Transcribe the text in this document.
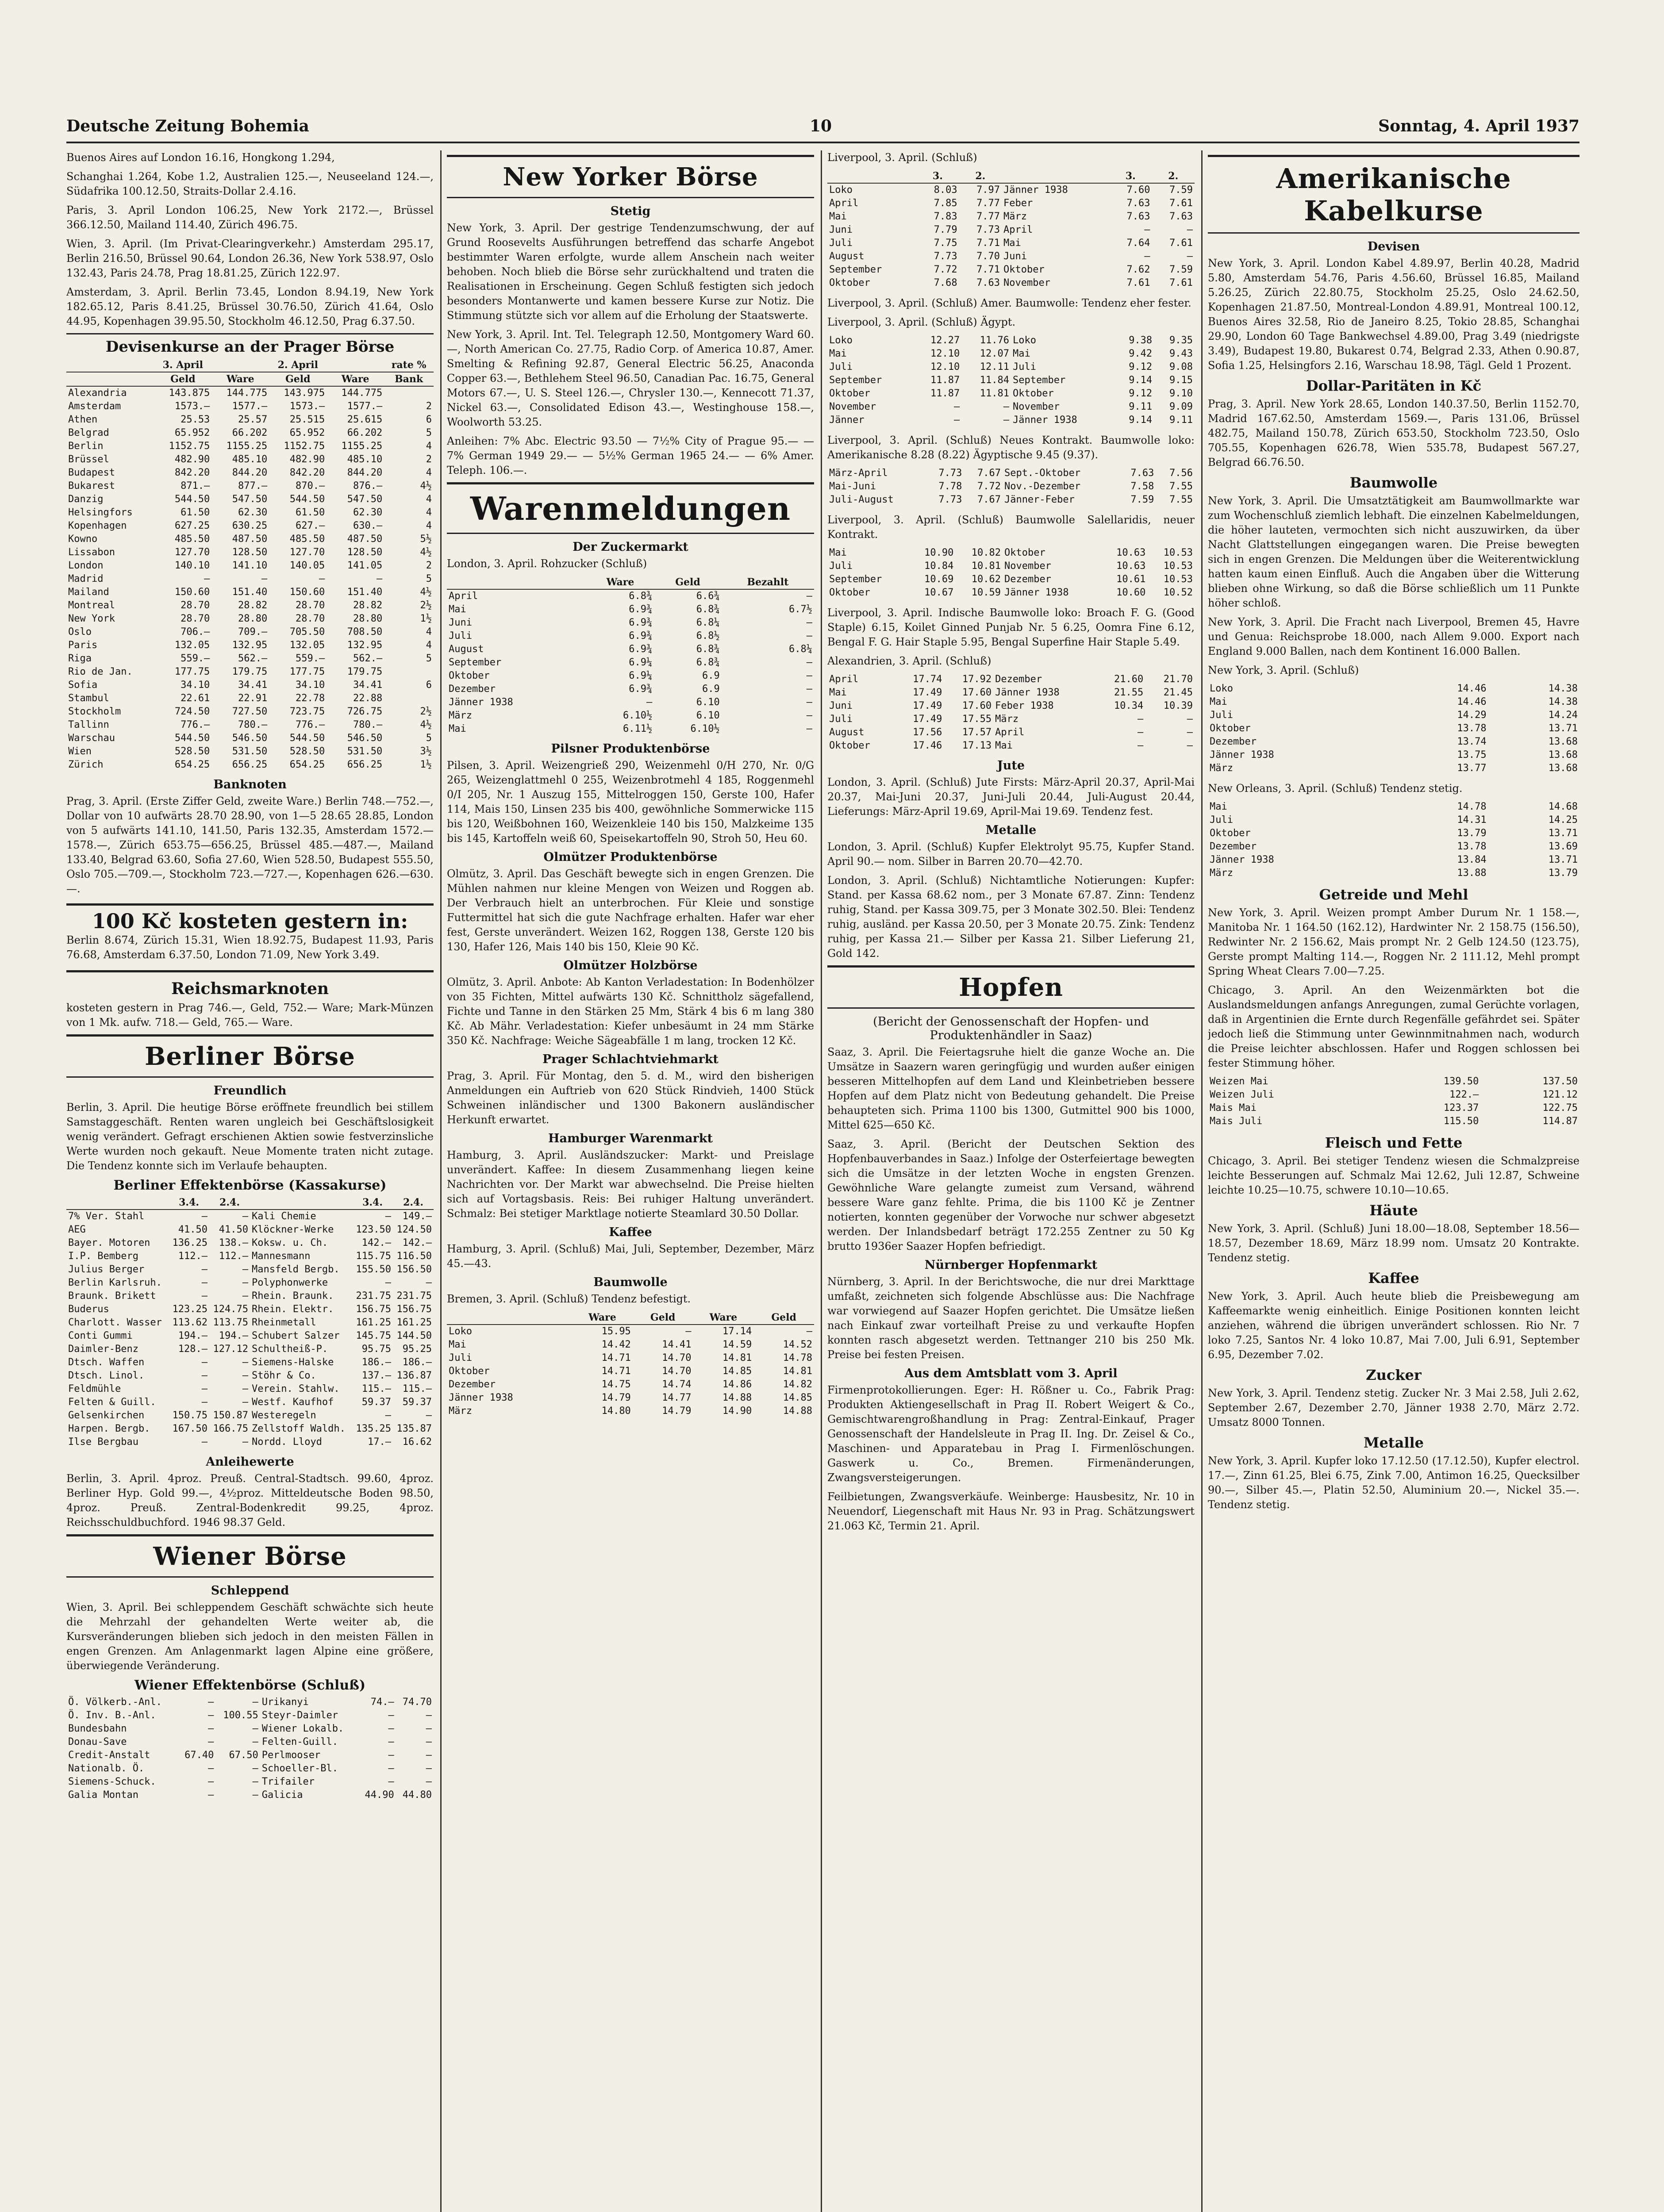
Deutsche Zeitung Bohemia	10	Sonntag, 4. April 1937

Buenos Aires auf London 16.16, Hongkong 1.294,

Schanghai 1.264, Kobe 1.2, Australien 125.—, Neuseeland 124.—, Südafrika 100.12.50, Straits-Dollar 2.4.16.

Paris, 3. April London 106.25, New York 2172.—, Brüssel 366.12.50, Mailand 114.40, Zürich 496.75.

Wien, 3. April. (Im Privat-Clearingverkehr.) Amsterdam 295.17, Berlin 216.50, Brüssel 90.64, London 26.36, New York 538.97, Oslo 132.43, Paris 24.78, Prag 18.81.25, Zürich 122.97.

Amsterdam, 3. April. Berlin 73.45, London 8.94.19, New York 182.65.12, Paris 8.41.25, Brüssel 30.76.50, Zürich 41.64, Oslo 44.95, Kopenhagen 39.95.50, Stockholm 46.12.50, Prag 6.37.50.

Devisenkurse an der Prager Börse
	3. April		2. April		rate %
	Geld	Ware	Geld	Ware	Bank
Alexandria	143.875	144.775	143.975	144.775	
Amsterdam	1573.—	1577.—	1573.—	1577.—	2
Athen	25.53	25.57	25.515	25.615	6
Belgrad	65.952	66.202	65.952	66.202	5
Berlin	1152.75	1155.25	1152.75	1155.25	4
Brüssel	482.90	485.10	482.90	485.10	2
Budapest	842.20	844.20	842.20	844.20	4
Bukarest	871.—	877.—	870.—	876.—	4½
Danzig	544.50	547.50	544.50	547.50	4
Helsingfors	61.50	62.30	61.50	62.30	4
Kopenhagen	627.25	630.25	627.—	630.—	4
Kowno	485.50	487.50	485.50	487.50	5½
Lissabon	127.70	128.50	127.70	128.50	4½
London	140.10	141.10	140.05	141.05	2
Madrid	—	—	—	—	5
Mailand	150.60	151.40	150.60	151.40	4½
Montreal	28.70	28.82	28.70	28.82	2½
New York	28.70	28.80	28.70	28.80	1½
Oslo	706.—	709.—	705.50	708.50	4
Paris	132.05	132.95	132.05	132.95	4
Riga	559.—	562.—	559.—	562.—	5
Rio de Jan.	177.75	179.75	177.75	179.75	
Sofia	34.10	34.41	34.10	34.41	6
Stambul	22.61	22.91	22.78	22.88	
Stockholm	724.50	727.50	723.75	726.75	2½
Tallinn	776.—	780.—	776.—	780.—	4½
Warschau	544.50	546.50	544.50	546.50	5
Wien	528.50	531.50	528.50	531.50	3½
Zürich	654.25	656.25	654.25	656.25	1½
Banknoten

Prag, 3. April. (Erste Ziffer Geld, zweite Ware.) Berlin 748.—752.—, Dollar von 10 aufwärts 28.70 28.90, von 1—5 28.65 28.85, London von 5 aufwärts 141.10, 141.50, Paris 132.35, Amsterdam 1572.—1578.—, Zürich 653.75—656.25, Brüssel 485.—487.—, Mailand 133.40, Belgrad 63.60, Sofia 27.60, Wien 528.50, Budapest 555.50, Oslo 705.—709.—, Stockholm 723.—727.—, Kopenhagen 626.—630.—.

100 Kč kosteten gestern in:

Berlin 8.674, Zürich 15.31, Wien 18.92.75, Budapest 11.93, Paris 76.68, Amsterdam 6.37.50, London 71.09, New York 3.49.

Reichsmarknoten

kosteten gestern in Prag 746.—, Geld, 752.— Ware; Mark-Münzen von 1 Mk. aufw. 718.— Geld, 765.— Ware.

Berliner Börse
Freundlich

Berlin, 3. April. Die heutige Börse eröffnete freundlich bei stillem Samstaggeschäft. Renten waren ungleich bei Geschäftslosigkeit wenig verändert. Gefragt erschienen Aktien sowie festverzinsliche Werte wurden noch gekauft. Neue Momente traten nicht zutage. Die Tendenz konnte sich im Verlaufe behaupten.

Berliner Effektenbörse (Kassakurse)
	3.4.	2.4.		3.4.	2.4.
7% Ver. Stahl	—	—	Kali Chemie	—	149.—
AEG	41.50	41.50	Klöckner-Werke	123.50	124.50
Bayer. Motoren	136.25	138.—	Koksw. u. Ch.	142.—	142.—
I.P. Bemberg	112.—	112.—	Mannesmann	115.75	116.50
Julius Berger	—	—	Mansfeld Bergb.	155.50	156.50
Berlin Karlsruh.	—	—	Polyphonwerke	—	—
Braunk. Brikett	—	—	Rhein. Braunk.	231.75	231.75
Buderus	123.25	124.75	Rhein. Elektr.	156.75	156.75
Charlott. Wasser	113.62	113.75	Rheinmetall	161.25	161.25
Conti Gummi	194.—	194.—	Schubert Salzer	145.75	144.50
Daimler-Benz	128.—	127.12	Schultheiß-P.	95.75	95.25
Dtsch. Waffen	—	—	Siemens-Halske	186.—	186.—
Dtsch. Linol.	—	—	Stöhr & Co.	137.—	136.87
Feldmühle	—	—	Verein. Stahlw.	115.—	115.—
Felten & Guill.	—	—	Westf. Kaufhof	59.37	59.37
Gelsenkirchen	150.75	150.87	Westeregeln	—	—
Harpen. Bergb.	167.50	166.75	Zellstoff Waldh.	135.25	135.87
Ilse Bergbau	—	—	Nordd. Lloyd	17.—	16.62
Anleihewerte

Berlin, 3. April. 4proz. Preuß. Central-Stadtsch. 99.60, 4proz. Berliner Hyp. Gold 99.—, 4½proz. Mitteldeutsche Boden 98.50, 4proz. Preuß. Zentral-Bodenkredit 99.25, 4proz. Reichsschuldbuchford. 1946 98.37 Geld.

Wiener Börse
Schleppend

Wien, 3. April. Bei schleppendem Geschäft schwächte sich heute die Mehrzahl der gehandelten Werte weiter ab, die Kursveränderungen blieben sich jedoch in den meisten Fällen in engen Grenzen. Am Anlagenmarkt lagen Alpine eine größere, überwiegende Veränderung.

Wiener Effektenbörse (Schluß)
Ö. Völkerb.-Anl.	—	—	Urikanyi	74.—	74.70
Ö. Inv. B.-Anl.	—	100.55	Steyr-Daimler	—	—
Bundesbahn	—	—	Wiener Lokalb.	—	—
Donau-Save	—	—	Felten-Guill.	—	—
Credit-Anstalt	67.40	67.50	Perlmooser	—	—
Nationalb. Ö.	—	—	Schoeller-Bl.	—	—
Siemens-Schuck.	—	—	Trifailer	—	—
Galia Montan	—	—	Galicia	44.90	44.80
New Yorker Börse
Stetig

New York, 3. April. Der gestrige Tendenzumschwung, der auf Grund Roosevelts Ausführungen betreffend das scharfe Angebot bestimmter Waren erfolgte, wurde allem Anschein nach weiter behoben. Noch blieb die Börse sehr zurückhaltend und traten die Realisationen in Erscheinung. Gegen Schluß festigten sich jedoch besonders Montanwerte und kamen bessere Kurse zur Notiz. Die Stimmung stützte sich vor allem auf die Erholung der Staatswerte.

New York, 3. April. Int. Tel. Telegraph 12.50, Montgomery Ward 60.—, North American Co. 27.75, Radio Corp. of America 10.87, Amer. Smelting & Refining 92.87, General Electric 56.25, Anaconda Copper 63.—, Bethlehem Steel 96.50, Canadian Pac. 16.75, General Motors 67.—, U. S. Steel 126.—, Chrysler 130.—, Kennecott 71.37, Nickel 63.—, Consolidated Edison 43.—, Westinghouse 158.—, Woolworth 53.25.

Anleihen: 7% Abc. Electric 93.50 — 7½% City of Prague 95.— — 7% German 1949 29.— — 5½% German 1965 24.— — 6% Amer. Teleph. 106.—.

Warenmeldungen
Der Zuckermarkt

London, 3. April. Rohzucker (Schluß)

	Ware	Geld	Bezahlt
April	6.8¾	6.6¾	—
Mai	6.9¾	6.8¾	6.7½
Juni	6.9¾	6.8¼	—
Juli	6.9¾	6.8½	—
August	6.9¾	6.8¾	6.8¼
September	6.9¼	6.8¾	—
Oktober	6.9¼	6.9	—
Dezember	6.9¾	6.9	—
Jänner 1938	—	6.10	—
März	6.10½	6.10	—
Mai	6.11½	6.10½	—
Pilsner Produktenbörse

Pilsen, 3. April. Weizengrieß 290, Weizenmehl 0/H 270, Nr. 0/G 265, Weizenglattmehl 0 255, Weizenbrotmehl 4 185, Roggenmehl 0/I 205, Nr. 1 Auszug 155, Mittelroggen 150, Gerste 100, Hafer 114, Mais 150, Linsen 235 bis 400, gewöhnliche Sommerwicke 115 bis 120, Weißbohnen 160, Weizenkleie 140 bis 150, Malzkeime 135 bis 145, Kartoffeln weiß 60, Speisekartoffeln 90, Stroh 50, Heu 60.

Olmützer Produktenbörse

Olmütz, 3. April. Das Geschäft bewegte sich in engen Grenzen. Die Mühlen nahmen nur kleine Mengen von Weizen und Roggen ab. Der Verbrauch hielt an unterbrochen. Für Kleie und sonstige Futtermittel hat sich die gute Nachfrage erhalten. Hafer war eher fest, Gerste unverändert. Weizen 162, Roggen 138, Gerste 120 bis 130, Hafer 126, Mais 140 bis 150, Kleie 90 Kč.

Olmützer Holzbörse

Olmütz, 3. April. Anbote: Ab Kanton Verladestation: In Bodenhölzer von 35 Fichten, Mittel aufwärts 130 Kč. Schnittholz sägefallend, Fichte und Tanne in den Stärken 25 Mm, Stärk 4 bis 6 m lang 380 Kč. Ab Mähr. Verladestation: Kiefer unbesäumt in 24 mm Stärke 350 Kč. Nachfrage: Weiche Sägeabfälle 1 m lang, trocken 12 Kč.

Prager Schlachtviehmarkt

Prag, 3. April. Für Montag, den 5. d. M., wird den bisherigen Anmeldungen ein Auftrieb von 620 Stück Rindvieh, 1400 Stück Schweinen inländischer und 1300 Bakonern ausländischer Herkunft erwartet.

Hamburger Warenmarkt

Hamburg, 3. April. Ausländszucker: Markt- und Preislage unverändert. Kaffee: In diesem Zusammenhang liegen keine Nachrichten vor. Der Markt war abwechselnd. Die Preise hielten sich auf Vortagsbasis. Reis: Bei ruhiger Haltung unverändert. Schmalz: Bei stetiger Marktlage notierte Steamlard 30.50 Dollar.

Kaffee

Hamburg, 3. April. (Schluß) Mai, Juli, September, Dezember, März 45.—43.

Baumwolle

Bremen, 3. April. (Schluß) Tendenz befestigt.

	Ware	Geld	Ware	Geld
Loko	15.95	—	17.14	—
Mai	14.42	14.41	14.59	14.52
Juli	14.71	14.70	14.81	14.78
Oktober	14.71	14.70	14.85	14.81
Dezember	14.75	14.74	14.86	14.82
Jänner 1938	14.79	14.77	14.88	14.85
März	14.80	14.79	14.90	14.88

Liverpool, 3. April. (Schluß)

	3.	2.		3.	2.
Loko	8.03	7.97	Jänner 1938	7.60	7.59
April	7.85	7.77	Feber	7.63	7.61
Mai	7.83	7.77	März	7.63	7.63
Juni	7.79	7.73	April	—	—
Juli	7.75	7.71	Mai	7.64	7.61
August	7.73	7.70	Juni	—	—
September	7.72	7.71	Oktober	7.62	7.59
Oktober	7.68	7.63	November	7.61	7.61

Liverpool, 3. April. (Schluß) Amer. Baumwolle: Tendenz eher fester.

Liverpool, 3. April. (Schluß) Ägypt.

Loko	12.27	11.76	Loko	9.38	9.35
Mai	12.10	12.07	Mai	9.42	9.43
Juli	12.10	12.11	Juli	9.12	9.08
September	11.87	11.84	September	9.14	9.15
Oktober	11.87	11.81	Oktober	9.12	9.10
November	—	—	November	9.11	9.09
Jänner	—	—	Jänner 1938	9.14	9.11

Liverpool, 3. April. (Schluß) Neues Kontrakt. Baumwolle loko: Amerikanische 8.28 (8.22) Ägyptische 9.45 (9.37).

März-April	7.73	7.67	Sept.-Oktober	7.63	7.56
Mai-Juni	7.78	7.72	Nov.-Dezember	7.58	7.55
Juli-August	7.73	7.67	Jänner-Feber	7.59	7.55

Liverpool, 3. April. (Schluß) Baumwolle Salellaridis, neuer Kontrakt.

Mai	10.90	10.82	Oktober	10.63	10.53
Juli	10.84	10.81	November	10.63	10.53
September	10.69	10.62	Dezember	10.61	10.53
Oktober	10.67	10.59	Jänner 1938	10.60	10.52

Liverpool, 3. April. Indische Baumwolle loko: Broach F. G. (Good Staple) 6.15, Koilet Ginned Punjab Nr. 5 6.25, Oomra Fine 6.12, Bengal F. G. Hair Staple 5.95, Bengal Superfine Hair Staple 5.49.

Alexandrien, 3. April. (Schluß)

April	17.74	17.92	Dezember	21.60	21.70
Mai	17.49	17.60	Jänner 1938	21.55	21.45
Juni	17.49	17.60	Feber 1938	10.34	10.39
Juli	17.49	17.55	März	—	—
August	17.56	17.57	April	—	—
Oktober	17.46	17.13	Mai	—	—
Jute

London, 3. April. (Schluß) Jute Firsts: März-April 20.37, April-Mai 20.37, Mai-Juni 20.37, Juni-Juli 20.44, Juli-August 20.44, Lieferungs: März-April 19.69, April-Mai 19.69. Tendenz fest.

Metalle

London, 3. April. (Schluß) Kupfer Elektrolyt 95.75, Kupfer Stand. April 90.— nom. Silber in Barren 20.70—42.70.

London, 3. April. (Schluß) Nichtamtliche Notierungen: Kupfer: Stand. per Kassa 68.62 nom., per 3 Monate 67.87. Zinn: Tendenz ruhig, Stand. per Kassa 309.75, per 3 Monate 302.50. Blei: Tendenz ruhig, ausländ. per Kassa 20.50, per 3 Monate 20.75. Zink: Tendenz ruhig, per Kassa 21.— Silber per Kassa 21. Silber Lieferung 21, Gold 142.

Hopfen
(Bericht der Genossenschaft der Hopfen- und Produktenhändler in Saaz)

Saaz, 3. April. Die Feiertagsruhe hielt die ganze Woche an. Die Umsätze in Saazern waren geringfügig und wurden außer einigen besseren Mittelhopfen auf dem Land und Kleinbetrieben bessere Hopfen auf dem Platz nicht von Bedeutung gehandelt. Die Preise behaupteten sich. Prima 1100 bis 1300, Gutmittel 900 bis 1000, Mittel 625—650 Kč.

Saaz, 3. April. (Bericht der Deutschen Sektion des Hopfenbauverbandes in Saaz.) Infolge der Osterfeiertage bewegten sich die Umsätze in der letzten Woche in engsten Grenzen. Gewöhnliche Ware gelangte zumeist zum Versand, während bessere Ware ganz fehlte. Prima, die bis 1100 Kč je Zentner notierten, konnten gegenüber der Vorwoche nur schwer abgesetzt werden. Der Inlandsbedarf beträgt 172.255 Zentner zu 50 Kg brutto 1936er Saazer Hopfen befriedigt.

Nürnberger Hopfenmarkt

Nürnberg, 3. April. In der Berichtswoche, die nur drei Markttage umfaßt, zeichneten sich folgende Abschlüsse aus: Die Nachfrage war vorwiegend auf Saazer Hopfen gerichtet. Die Umsätze ließen nach Einkauf zwar vorteilhaft Preise zu und verkaufte Hopfen konnten rasch abgesetzt werden. Tettnanger 210 bis 250 Mk. Preise bei festen Preisen.

Aus dem Amtsblatt vom 3. April

Firmenprotokollierungen. Eger: H. Rößner u. Co., Fabrik Prag: Produkten Aktiengesellschaft in Prag II. Robert Weigert & Co., Gemischtwarengroßhandlung in Prag: Zentral-Einkauf, Prager Genossenschaft der Handelsleute in Prag II. Ing. Dr. Zeisel & Co., Maschinen- und Apparatebau in Prag I. Firmenlöschungen. Gaswerk u. Co., Bremen. Firmenänderungen, Zwangsversteigerungen.

Feilbietungen, Zwangsverkäufe. Weinberge: Hausbesitz, Nr. 10 in Neuendorf, Liegenschaft mit Haus Nr. 93 in Prag. Schätzungswert 21.063 Kč, Termin 21. April.

Amerikanische Kabelkurse
Devisen

New York, 3. April. London Kabel 4.89.97, Berlin 40.28, Madrid 5.80, Amsterdam 54.76, Paris 4.56.60, Brüssel 16.85, Mailand 5.26.25, Zürich 22.80.75, Stockholm 25.25, Oslo 24.62.50, Kopenhagen 21.87.50, Montreal-London 4.89.91, Montreal 100.12, Buenos Aires 32.58, Rio de Janeiro 8.25, Tokio 28.85, Schanghai 29.90, London 60 Tage Bankwechsel 4.89.00, Prag 3.49 (niedrigste 3.49), Budapest 19.80, Bukarest 0.74, Belgrad 2.33, Athen 0.90.87, Sofia 1.25, Helsingfors 2.16, Warschau 18.98, Tägl. Geld 1 Prozent.

Dollar-Paritäten in Kč

Prag, 3. April. New York 28.65, London 140.37.50, Berlin 1152.70, Madrid 167.62.50, Amsterdam 1569.—, Paris 131.06, Brüssel 482.75, Mailand 150.78, Zürich 653.50, Stockholm 723.50, Oslo 705.55, Kopenhagen 626.78, Wien 535.78, Budapest 567.27, Belgrad 66.76.50.

Baumwolle

New York, 3. April. Die Umsatztätigkeit am Baumwollmarkte war zum Wochenschluß ziemlich lebhaft. Die einzelnen Kabelmeldungen, die höher lauteten, vermochten sich nicht auszuwirken, da über Nacht Glattstellungen eingegangen waren. Die Preise bewegten sich in engen Grenzen. Die Meldungen über die Weiterentwicklung hatten kaum einen Einfluß. Auch die Angaben über die Witterung blieben ohne Wirkung, so daß die Börse schließlich um 11 Punkte höher schloß.

New York, 3. April. Die Fracht nach Liverpool, Bremen 45, Havre und Genua: Reichsprobe 18.000, nach Allem 9.000. Export nach England 9.000 Ballen, nach dem Kontinent 16.000 Ballen.

New York, 3. April. (Schluß)

Loko	14.46	14.38
Mai	14.46	14.38
Juli	14.29	14.24
Oktober	13.78	13.71
Dezember	13.74	13.68
Jänner 1938	13.75	13.68
März	13.77	13.68

New Orleans, 3. April. (Schluß) Tendenz stetig.

Mai	14.78	14.68
Juli	14.31	14.25
Oktober	13.79	13.71
Dezember	13.78	13.69
Jänner 1938	13.84	13.71
März	13.88	13.79
Getreide und Mehl

New York, 3. April. Weizen prompt Amber Durum Nr. 1 158.—, Manitoba Nr. 1 164.50 (162.12), Hardwinter Nr. 2 158.75 (156.50), Redwinter Nr. 2 156.62, Mais prompt Nr. 2 Gelb 124.50 (123.75), Gerste prompt Malting 114.—, Roggen Nr. 2 111.12, Mehl prompt Spring Wheat Clears 7.00—7.25.

Chicago, 3. April. An den Weizenmärkten bot die Auslandsmeldungen anfangs Anregungen, zumal Gerüchte vorlagen, daß in Argentinien die Ernte durch Regenfälle gefährdet sei. Später jedoch ließ die Stimmung unter Gewinnmitnahmen nach, wodurch die Preise leichter abschlossen. Hafer und Roggen schlossen bei fester Stimmung höher.

Weizen Mai	139.50	137.50
Weizen Juli	122.—	121.12
Mais Mai	123.37	122.75
Mais Juli	115.50	114.87
Fleisch und Fette

Chicago, 3. April. Bei stetiger Tendenz wiesen die Schmalzpreise leichte Besserungen auf. Schmalz Mai 12.62, Juli 12.87, Schweine leichte 10.25—10.75, schwere 10.10—10.65.

Häute

New York, 3. April. (Schluß) Juni 18.00—18.08, September 18.56—18.57, Dezember 18.69, März 18.99 nom. Umsatz 20 Kontrakte. Tendenz stetig.

Kaffee

New York, 3. April. Auch heute blieb die Preisbewegung am Kaffeemarkte wenig einheitlich. Einige Positionen konnten leicht anziehen, während die übrigen unverändert schlossen. Rio Nr. 7 loko 7.25, Santos Nr. 4 loko 10.87, Mai 7.00, Juli 6.91, September 6.95, Dezember 7.02.

Zucker

New York, 3. April. Tendenz stetig. Zucker Nr. 3 Mai 2.58, Juli 2.62, September 2.67, Dezember 2.70, Jänner 1938 2.70, März 2.72. Umsatz 8000 Tonnen.

Metalle

New York, 3. April. Kupfer loko 17.12.50 (17.12.50), Kupfer electrol. 17.—, Zinn 61.25, Blei 6.75, Zink 7.00, Antimon 16.25, Quecksilber 90.—, Silber 45.—, Platin 52.50, Aluminium 20.—, Nickel 35.—. Tendenz stetig.
